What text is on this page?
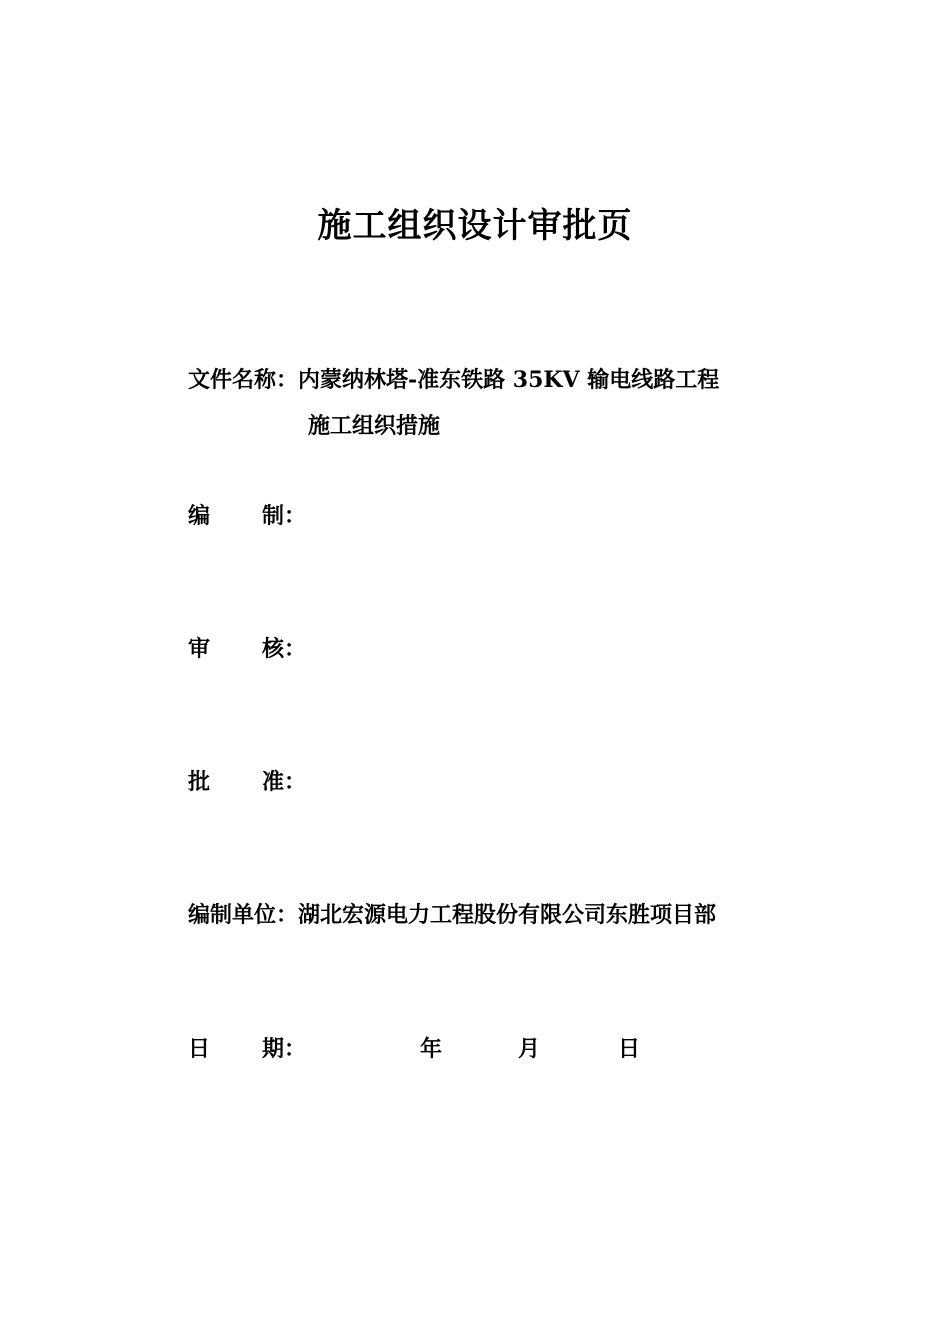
施工组织设计审批页
文件名称：内蒙纳林塔-准东铁路 35KV 输电线路工程
施工组织措施
编 制：
审 核：
批 准：
编制单位：湖北宏源电力工程股份有限公司东胜项目部
日 期：	年	月	日
